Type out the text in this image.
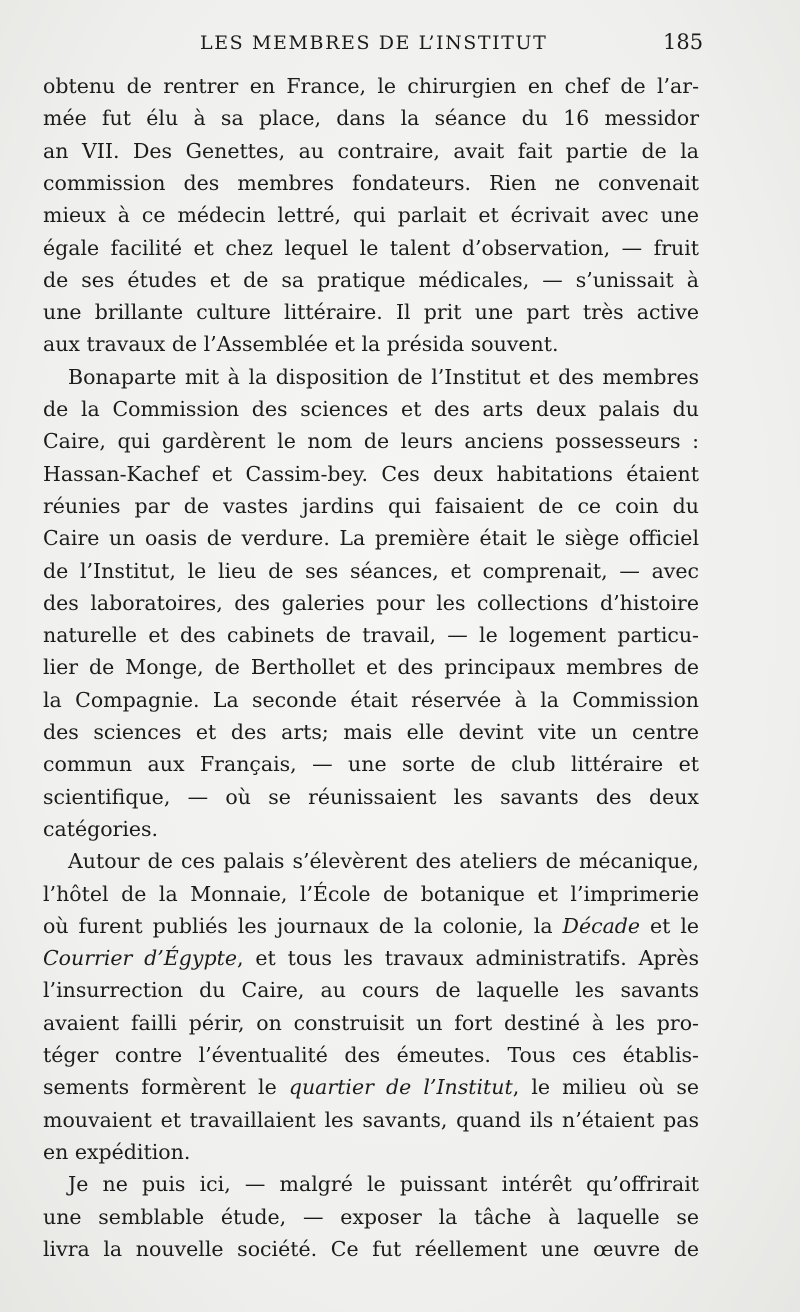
LES MEMBRES DE L’INSTITUT	185
obtenu de rentrer en France, le chirurgien en chef de l’ar-
mée fut élu à sa place, dans la séance du 16 messidor
an VII. Des Genettes, au contraire, avait fait partie de la
commission des membres fondateurs. Rien ne convenait
mieux à ce médecin lettré, qui parlait et écrivait avec une
égale facilité et chez lequel le talent d’observation, — fruit
de ses études et de sa pratique médicales, — s’unissait à
une brillante culture littéraire. Il prit une part très active
aux travaux de l’Assemblée et la présida souvent.
Bonaparte mit à la disposition de l’Institut et des membres
de la Commission des sciences et des arts deux palais du
Caire, qui gardèrent le nom de leurs anciens possesseurs :
Hassan-Kachef et Cassim-bey. Ces deux habitations étaient
réunies par de vastes jardins qui faisaient de ce coin du
Caire un oasis de verdure. La première était le siège officiel
de l’Institut, le lieu de ses séances, et comprenait, — avec
des laboratoires, des galeries pour les collections d’histoire
naturelle et des cabinets de travail, — le logement particu-
lier de Monge, de Berthollet et des principaux membres de
la Compagnie. La seconde était réservée à la Commission
des sciences et des arts; mais elle devint vite un centre
commun aux Français, — une sorte de club littéraire et
scientifique, — où se réunissaient les savants des deux
catégories.
Autour de ces palais s’élevèrent des ateliers de mécanique,
l’hôtel de la Monnaie, l’École de botanique et l’imprimerie
où furent publiés les journaux de la colonie, la Décade et le
Courrier d’Égypte, et tous les travaux administratifs. Après
l’insurrection du Caire, au cours de laquelle les savants
avaient failli périr, on construisit un fort destiné à les pro-
téger contre l’éventualité des émeutes. Tous ces établis-
sements formèrent le quartier de l’Institut, le milieu où se
mouvaient et travaillaient les savants, quand ils n’étaient pas
en expédition.
Je ne puis ici, — malgré le puissant intérêt qu’offrirait
une semblable étude, — exposer la tâche à laquelle se
livra la nouvelle société. Ce fut réellement une œuvre de
